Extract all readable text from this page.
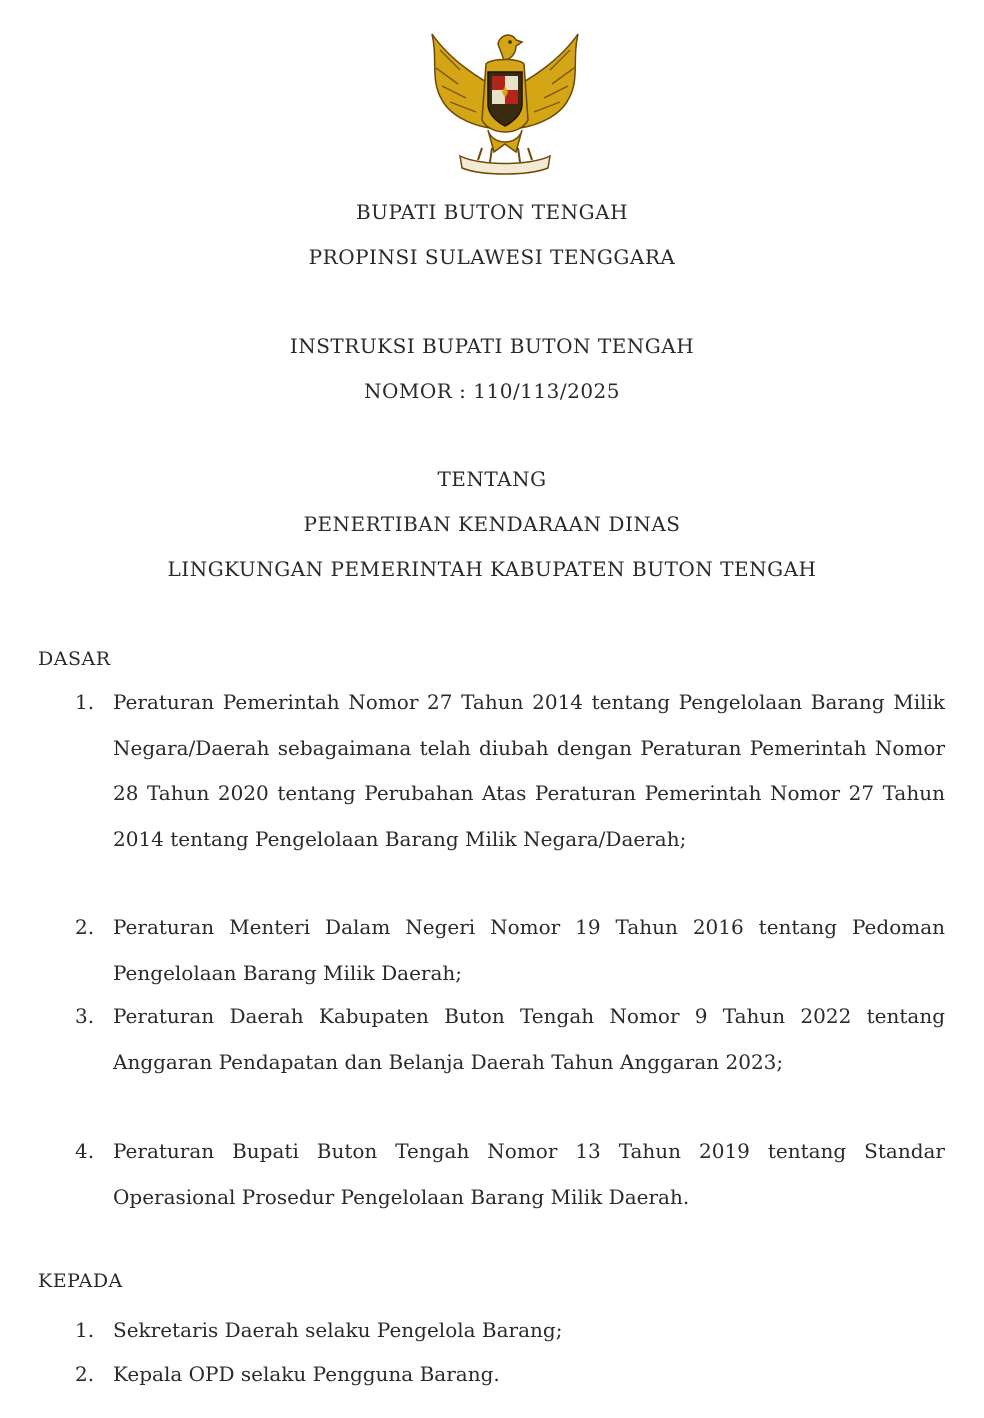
BUPATI BUTON TENGAH
PROPINSI SULAWESI TENGGARA
INSTRUKSI BUPATI BUTON TENGAH
NOMOR : 110/113/2025
TENTANG
PENERTIBAN KENDARAAN DINAS
LINGKUNGAN PEMERINTAH KABUPATEN BUTON TENGAH
DASAR
1. Peraturan Pemerintah Nomor 27 Tahun 2014 tentang Pengelolaan Barang Milik Negara/Daerah sebagaimana telah diubah dengan Peraturan Pemerintah Nomor 28 Tahun 2020 tentang Perubahan Atas Peraturan Pemerintah Nomor 27 Tahun 2014 tentang Pengelolaan Barang Milik Negara/Daerah;
2. Peraturan Menteri Dalam Negeri Nomor 19 Tahun 2016 tentang Pedoman Pengelolaan Barang Milik Daerah;
3. Peraturan Daerah Kabupaten Buton Tengah Nomor 9 Tahun 2022 tentang Anggaran Pendapatan dan Belanja Daerah Tahun Anggaran 2023;
4. Peraturan Bupati Buton Tengah Nomor 13 Tahun 2019 tentang Standar Operasional Prosedur Pengelolaan Barang Milik Daerah.
KEPADA
1. Sekretaris Daerah selaku Pengelola Barang;
2. Kepala OPD selaku Pengguna Barang.
